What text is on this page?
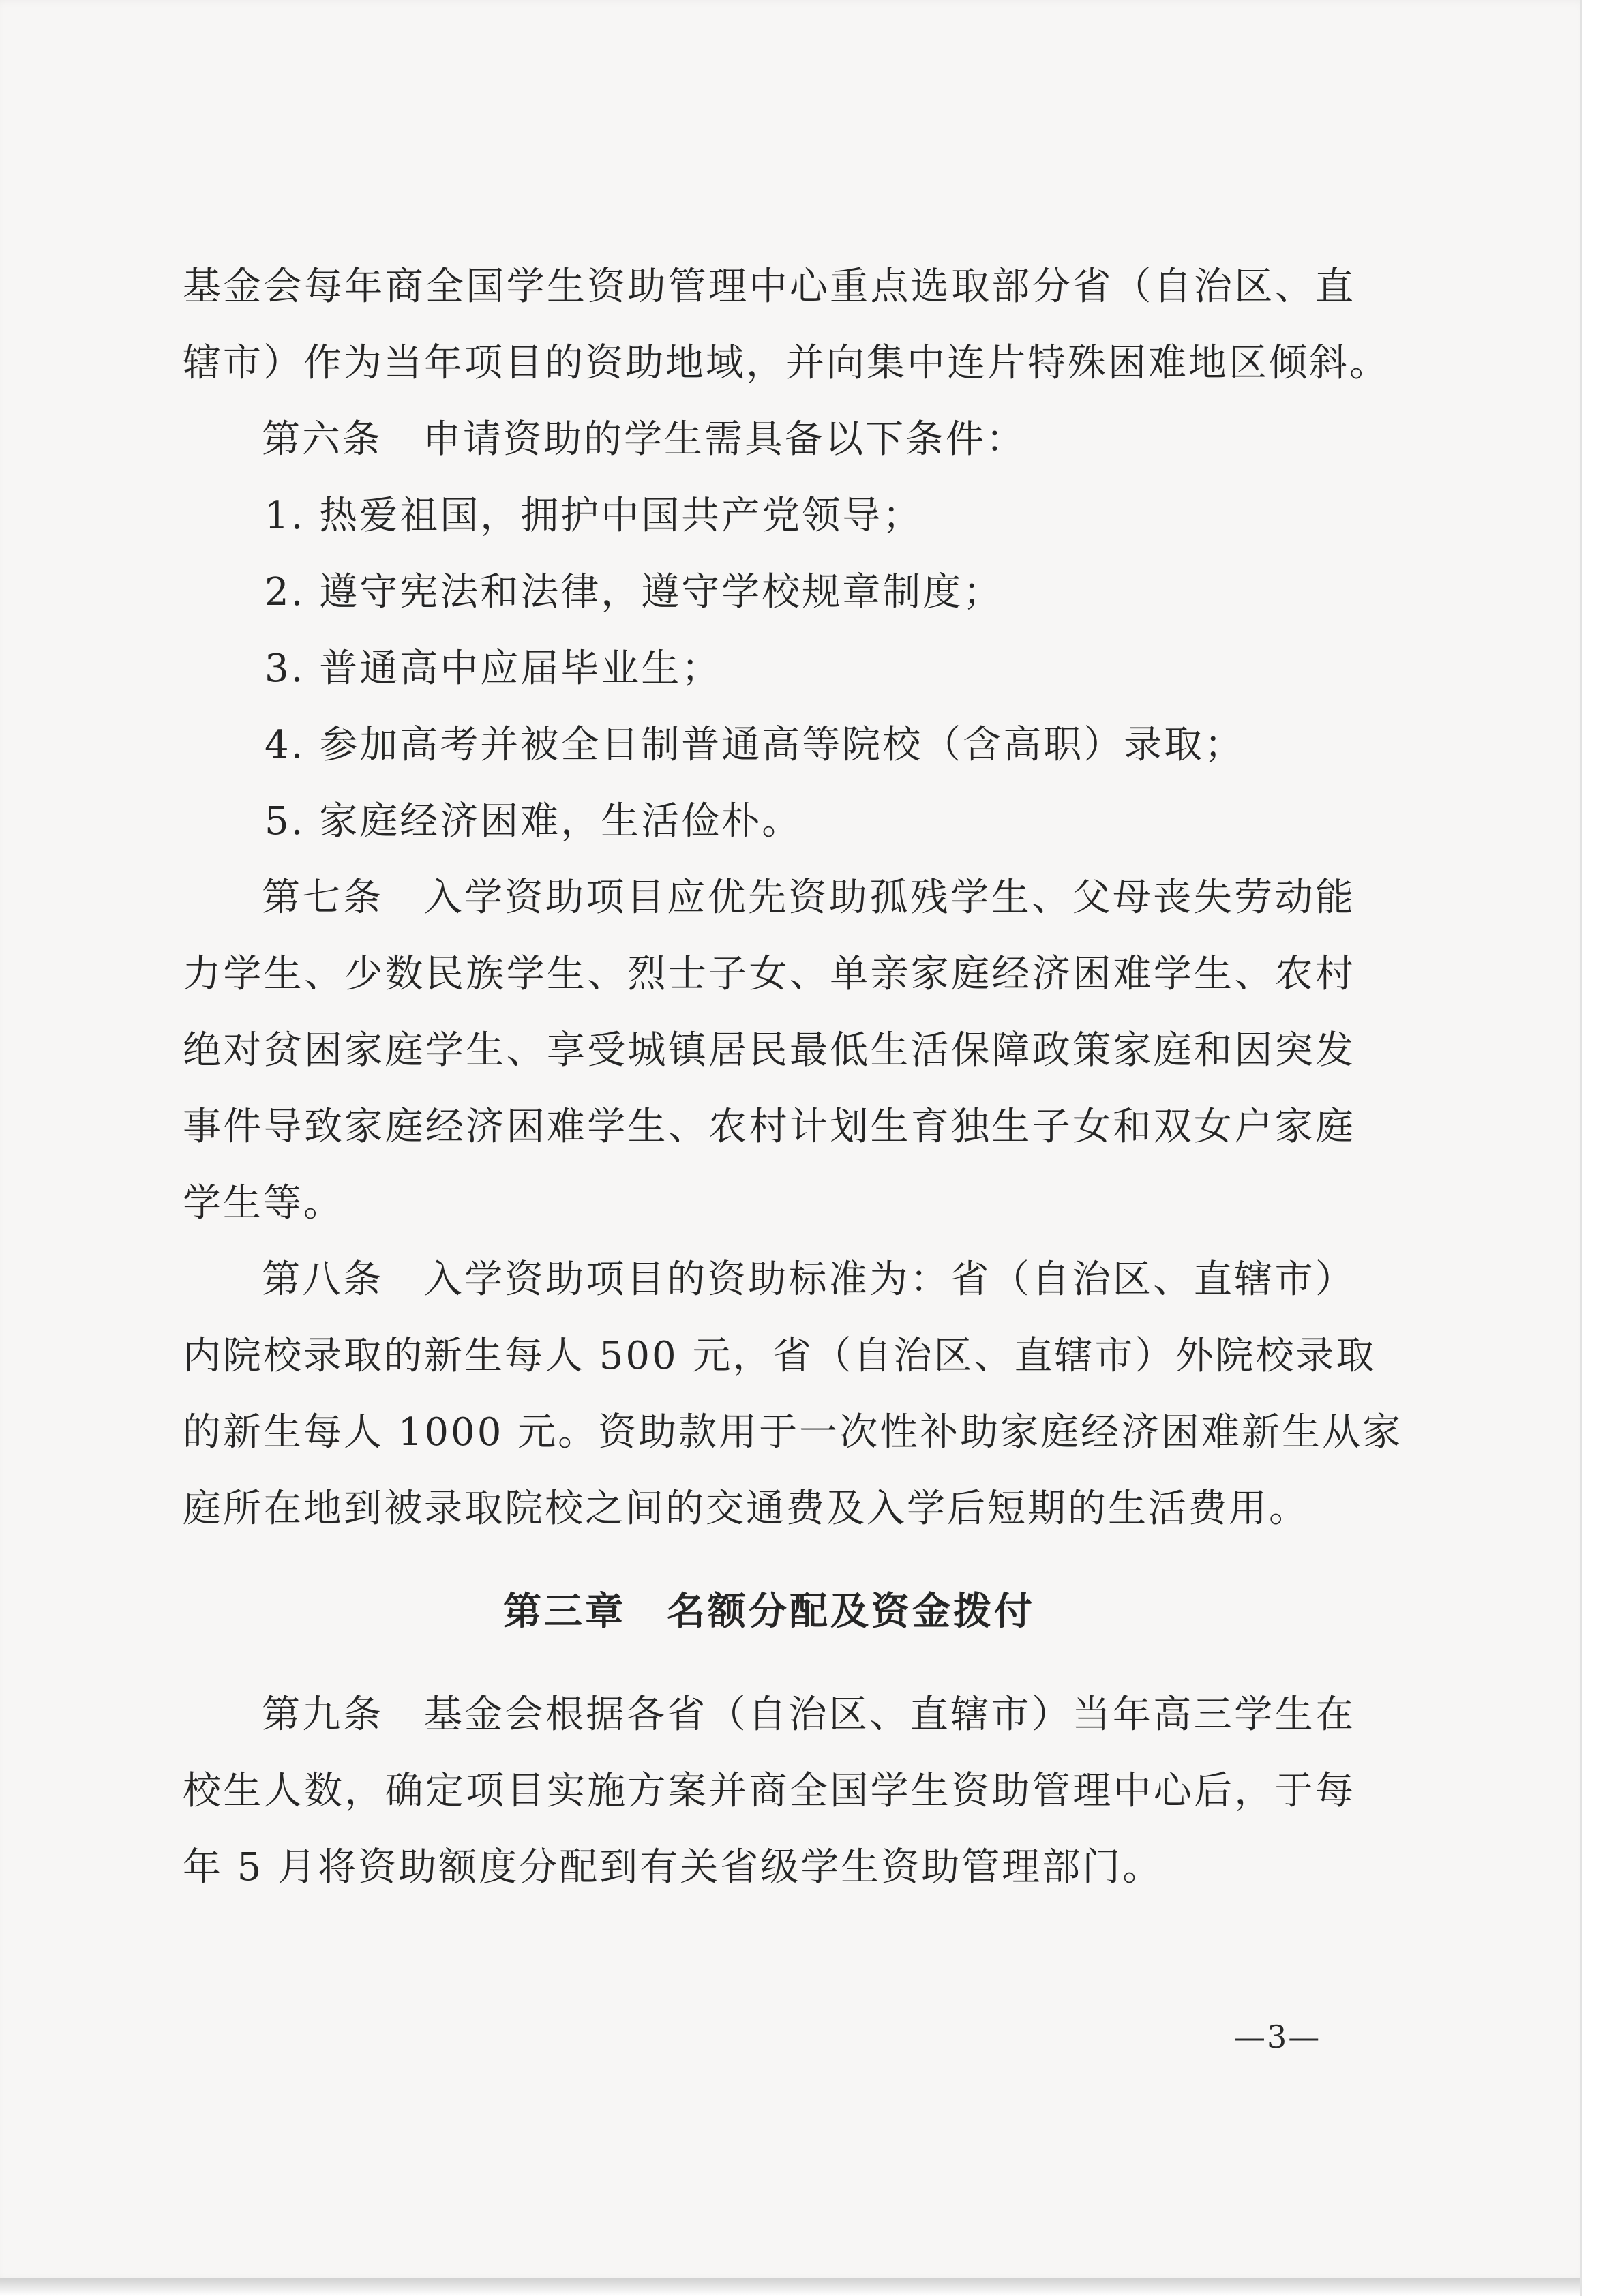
基金会每年商全国学生资助管理中心重点选取部分省（自治区、直
辖市）作为当年项目的资助地域，并向集中连片特殊困难地区倾斜。
第六条　申请资助的学生需具备以下条件：
1. 热爱祖国，拥护中国共产党领导；
2. 遵守宪法和法律，遵守学校规章制度；
3. 普通高中应届毕业生；
4. 参加高考并被全日制普通高等院校（含高职）录取；
5. 家庭经济困难，生活俭朴。
第七条　入学资助项目应优先资助孤残学生、父母丧失劳动能
力学生、少数民族学生、烈士子女、单亲家庭经济困难学生、农村
绝对贫困家庭学生、享受城镇居民最低生活保障政策家庭和因突发
事件导致家庭经济困难学生、农村计划生育独生子女和双女户家庭
学生等。
第八条　入学资助项目的资助标准为：省（自治区、直辖市）
内院校录取的新生每人 500 元，省（自治区、直辖市）外院校录取
的新生每人 1000 元。资助款用于一次性补助家庭经济困难新生从家
庭所在地到被录取院校之间的交通费及入学后短期的生活费用。
第三章　名额分配及资金拨付
第九条　基金会根据各省（自治区、直辖市）当年高三学生在
校生人数，确定项目实施方案并商全国学生资助管理中心后，于每
年 5 月将资助额度分配到有关省级学生资助管理部门。
—3—
